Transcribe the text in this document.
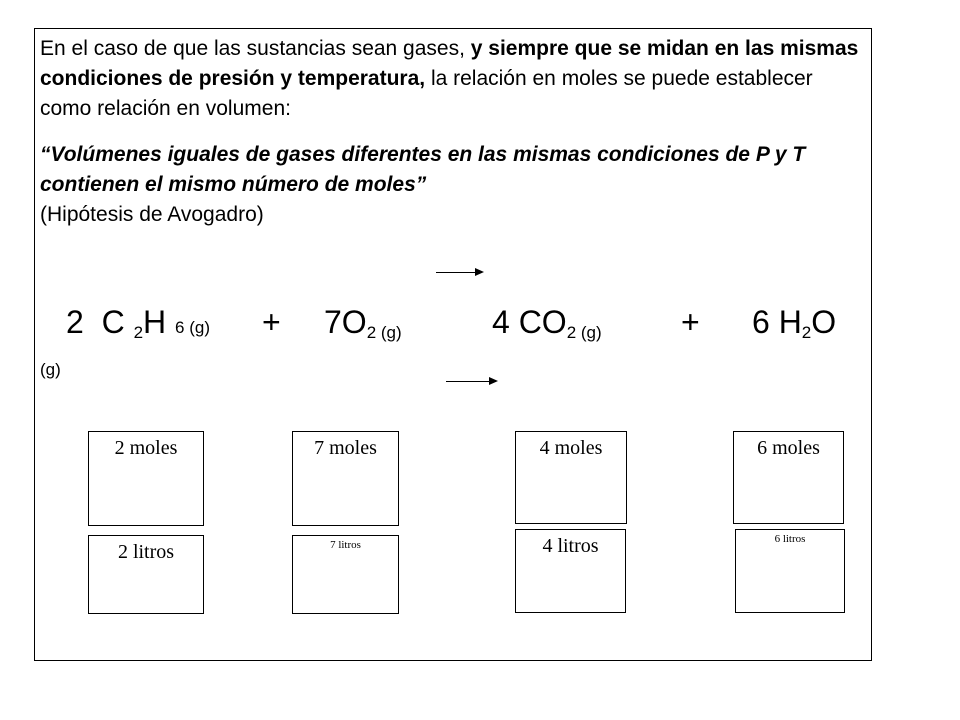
En el caso de que las sustancias sean gases, y siempre que se midan en las mismas condiciones de presión y temperatura, la relación en moles se puede establecer como relación en volumen:

“Volúmenes iguales de gases diferentes en las mismas condiciones de P y T contienen el mismo número de moles”
(Hipótesis de Avogadro)

2 C $_2$H 6 $(g) + 7O_{2 (g)}$	4 $CO_{2 (g)} + 6$ $H_2O$
(g)
2 moles	7 moles	4 moles	6 moles
2 litros	7 litros	4 litros	6 litros
